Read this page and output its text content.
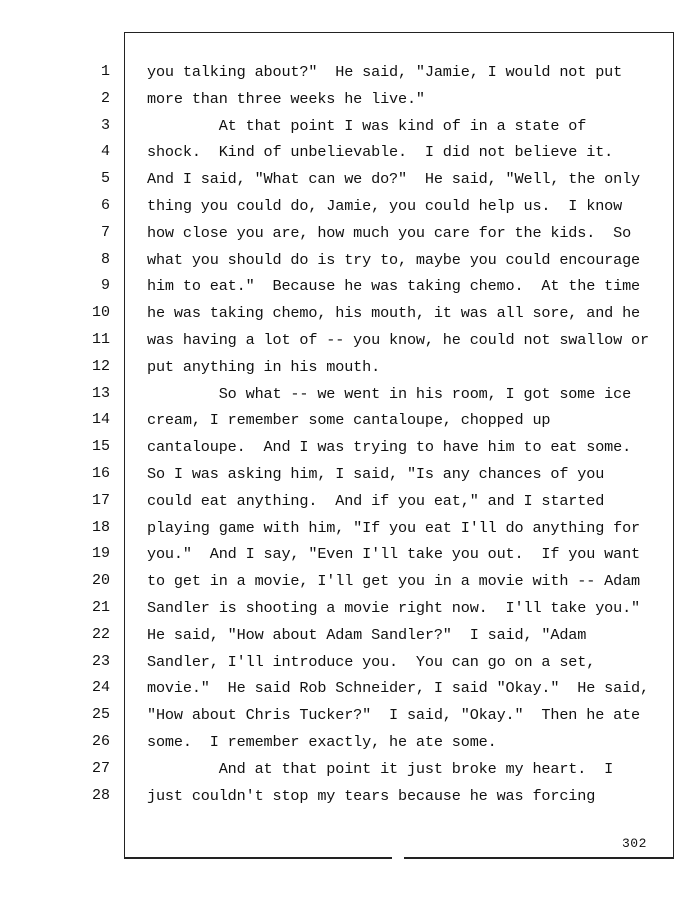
1
2
3
4
5
6
7
8
9
10
11
12
13
14
15
16
17
18
19
20
21
22
23
24
25
26
27
28
you talking about?"  He said, "Jamie, I would not put
more than three weeks he live."
At that point I was kind of in a state of
shock.  Kind of unbelievable.  I did not believe it.
And I said, "What can we do?"  He said, "Well, the only
thing you could do, Jamie, you could help us.  I know
how close you are, how much you care for the kids.  So
what you should do is try to, maybe you could encourage
him to eat."  Because he was taking chemo.  At the time
he was taking chemo, his mouth, it was all sore, and he
was having a lot of -- you know, he could not swallow or
put anything in his mouth.
So what -- we went in his room, I got some ice
cream, I remember some cantaloupe, chopped up
cantaloupe.  And I was trying to have him to eat some.
So I was asking him, I said, "Is any chances of you
could eat anything.  And if you eat," and I started
playing game with him, "If you eat I'll do anything for
you."  And I say, "Even I'll take you out.  If you want
to get in a movie, I'll get you in a movie with -- Adam
Sandler is shooting a movie right now.  I'll take you."
He said, "How about Adam Sandler?"  I said, "Adam
Sandler, I'll introduce you.  You can go on a set,
movie."  He said Rob Schneider, I said "Okay."  He said,
"How about Chris Tucker?"  I said, "Okay."  Then he ate
some.  I remember exactly, he ate some.
And at that point it just broke my heart.  I
just couldn't stop my tears because he was forcing
302
